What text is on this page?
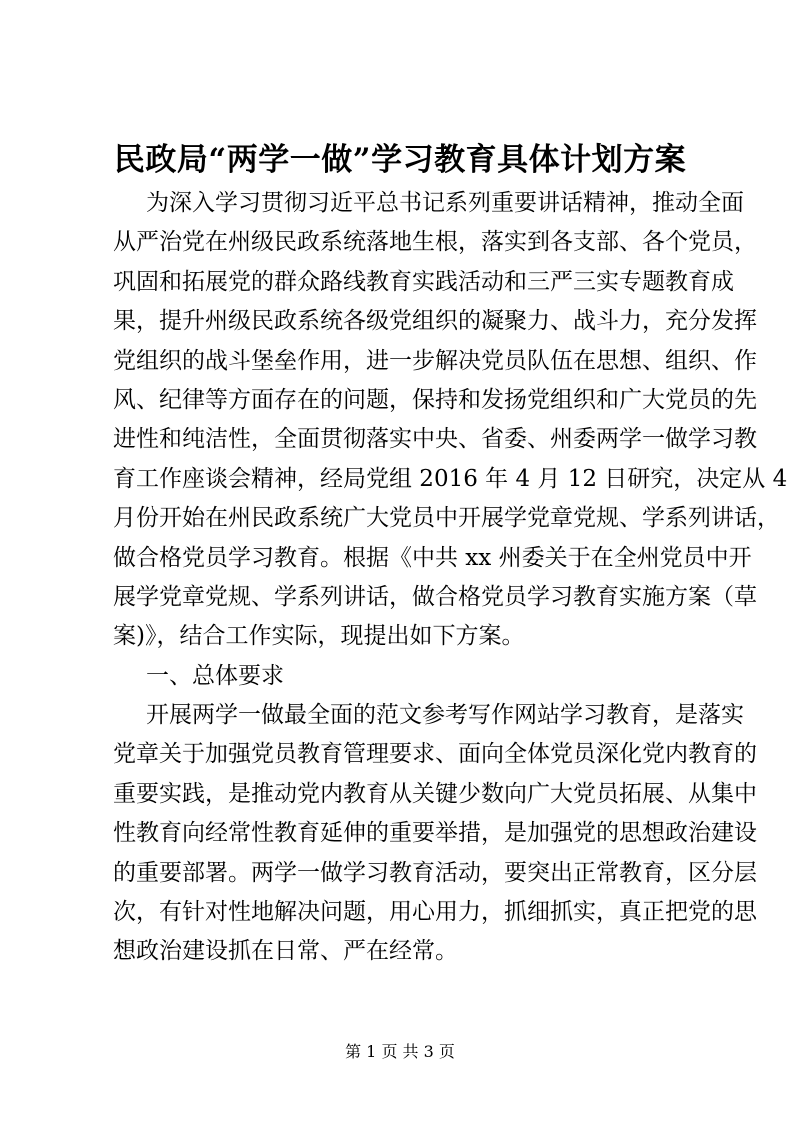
民政局“两学一做”学习教育具体计划方案
为深入学习贯彻习近平总书记系列重要讲话精神，推动全面
从严治党在州级民政系统落地生根，落实到各支部、各个党员，
巩固和拓展党的群众路线教育实践活动和三严三实专题教育成
果，提升州级民政系统各级党组织的凝聚力、战斗力，充分发挥
党组织的战斗堡垒作用，进一步解决党员队伍在思想、组织、作
风、纪律等方面存在的问题，保持和发扬党组织和广大党员的先
进性和纯洁性，全面贯彻落实中央、省委、州委两学一做学习教
育工作座谈会精神，经局党组 2016 年 4 月 12 日研究，决定从 4
月份开始在州民政系统广大党员中开展学党章党规、学系列讲话，
做合格党员学习教育。根据《中共 xx 州委关于在全州党员中开
展学党章党规、学系列讲话，做合格党员学习教育实施方案（草
案)》，结合工作实际，现提出如下方案。
一、总体要求
开展两学一做最全面的范文参考写作网站学习教育，是落实
党章关于加强党员教育管理要求、面向全体党员深化党内教育的
重要实践，是推动党内教育从关键少数向广大党员拓展、从集中
性教育向经常性教育延伸的重要举措，是加强党的思想政治建设
的重要部署。两学一做学习教育活动，要突出正常教育，区分层
次，有针对性地解决问题，用心用力，抓细抓实，真正把党的思
想政治建设抓在日常、严在经常。
第 1 页 共 3 页
